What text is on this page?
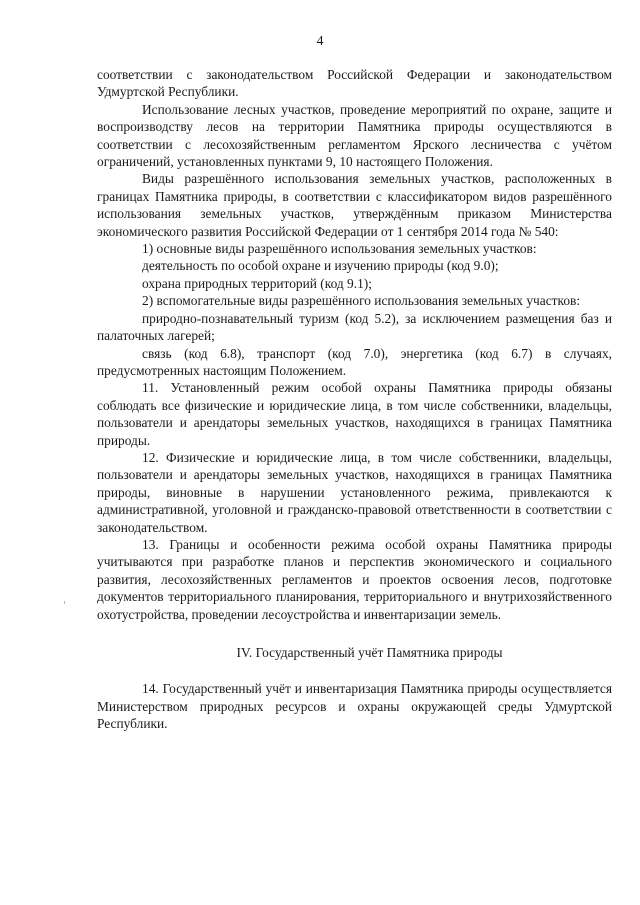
4

соответствии с законодательством Российской Федерации и законодательством Удмуртской Республики.

Использование лесных участков, проведение мероприятий по охране, защите и воспроизводству лесов на территории Памятника природы осуществляются в соответствии с лесохозяйственным регламентом Ярского лесничества с учётом ограничений, установленных пунктами 9, 10 настоящего Положения.

Виды разрешённого использования земельных участков, расположенных в границах Памятника природы, в соответствии с классификатором видов разрешённого использования земельных участков, утверждённым приказом Министерства экономического развития Российской Федерации от 1 сентября 2014 года № 540:

1) основные виды разрешённого использования земельных участков:

деятельность по особой охране и изучению природы (код 9.0);

охрана природных территорий (код 9.1);

2) вспомогательные виды разрешённого использования земельных участков:

природно-познавательный туризм (код 5.2), за исключением размещения баз и палаточных лагерей;

связь (код 6.8), транспорт (код 7.0), энергетика (код 6.7) в случаях, предусмотренных настоящим Положением.

11. Установленный режим особой охраны Памятника природы обязаны соблюдать все физические и юридические лица, в том числе собственники, владельцы, пользователи и арендаторы земельных участков, находящихся в границах Памятника природы.

12. Физические и юридические лица, в том числе собственники, владельцы, пользователи и арендаторы земельных участков, находящихся в границах Памятника природы, виновные в нарушении установленного режима, привлекаются к административной, уголовной и гражданско-правовой ответственности в соответствии с законодательством.

13. Границы и особенности режима особой охраны Памятника природы учитываются при разработке планов и перспектив экономического и социального развития, лесохозяйственных регламентов и проектов освоения лесов, подготовке документов территориального планирования, территориального и внутрихозяйственного охотустройства, проведении лесоустройства и инвентаризации земель.

IV. Государственный учёт Памятника природы

14. Государственный учёт и инвентаризация Памятника природы осуществляется Министерством природных ресурсов и охраны окружающей среды Удмуртской Республики.
